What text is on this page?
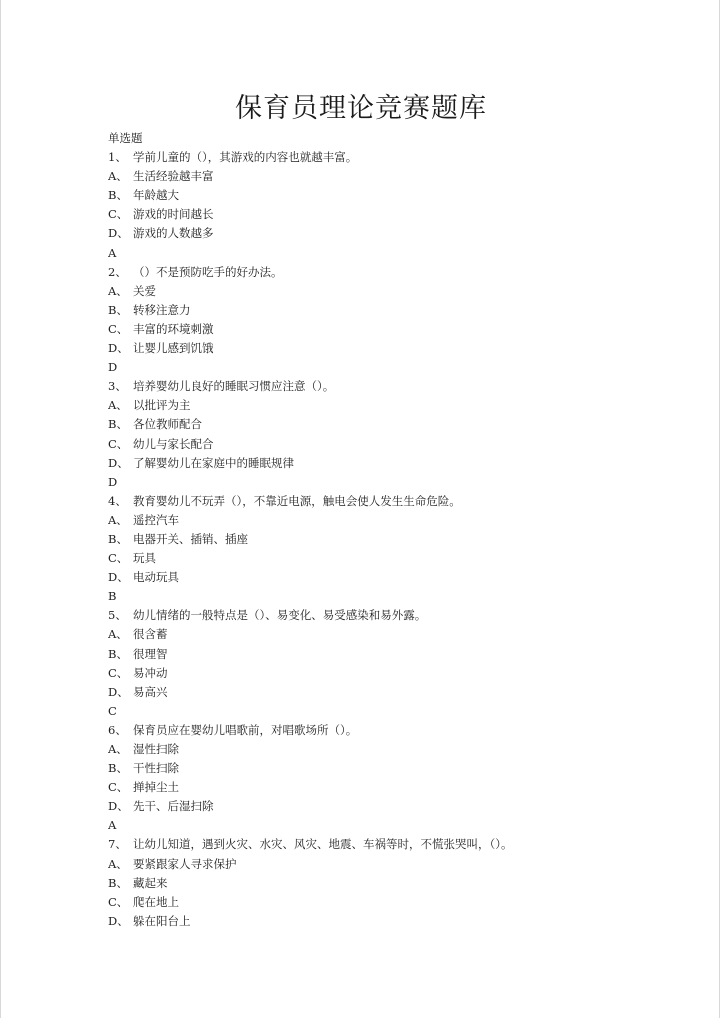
保育员理论竞赛题库
单选题
1、 学前儿童的（），其游戏的内容也就越丰富。
A、 生活经验越丰富
B、 年龄越大
C、 游戏的时间越长
D、 游戏的人数越多
A
2、 （）不是预防吃手的好办法。
A、 关爱
B、 转移注意力
C、 丰富的环境刺激
D、 让婴儿感到饥饿
D
3、 培养婴幼儿良好的睡眠习惯应注意（）。
A、 以批评为主
B、 各位教师配合
C、 幼儿与家长配合
D、 了解婴幼儿在家庭中的睡眠规律
D
4、 教育婴幼儿不玩弄（），不靠近电源，触电会使人发生生命危险。
A、 遥控汽车
B、 电器开关、插销、插座
C、 玩具
D、 电动玩具
B
5、 幼儿情绪的一般特点是（）、易变化、易受感染和易外露。
A、 很含蓄
B、 很理智
C、 易冲动
D、 易高兴
C
6、 保育员应在婴幼儿唱歌前，对唱歌场所（）。
A、 湿性扫除
B、 干性扫除
C、 掸掉尘土
D、 先干、后湿扫除
A
7、 让幼儿知道，遇到火灾、水灾、风灾、地震、车祸等时，不慌张哭叫，（）。
A、 要紧跟家人寻求保护
B、 藏起来
C、 爬在地上
D、 躲在阳台上
